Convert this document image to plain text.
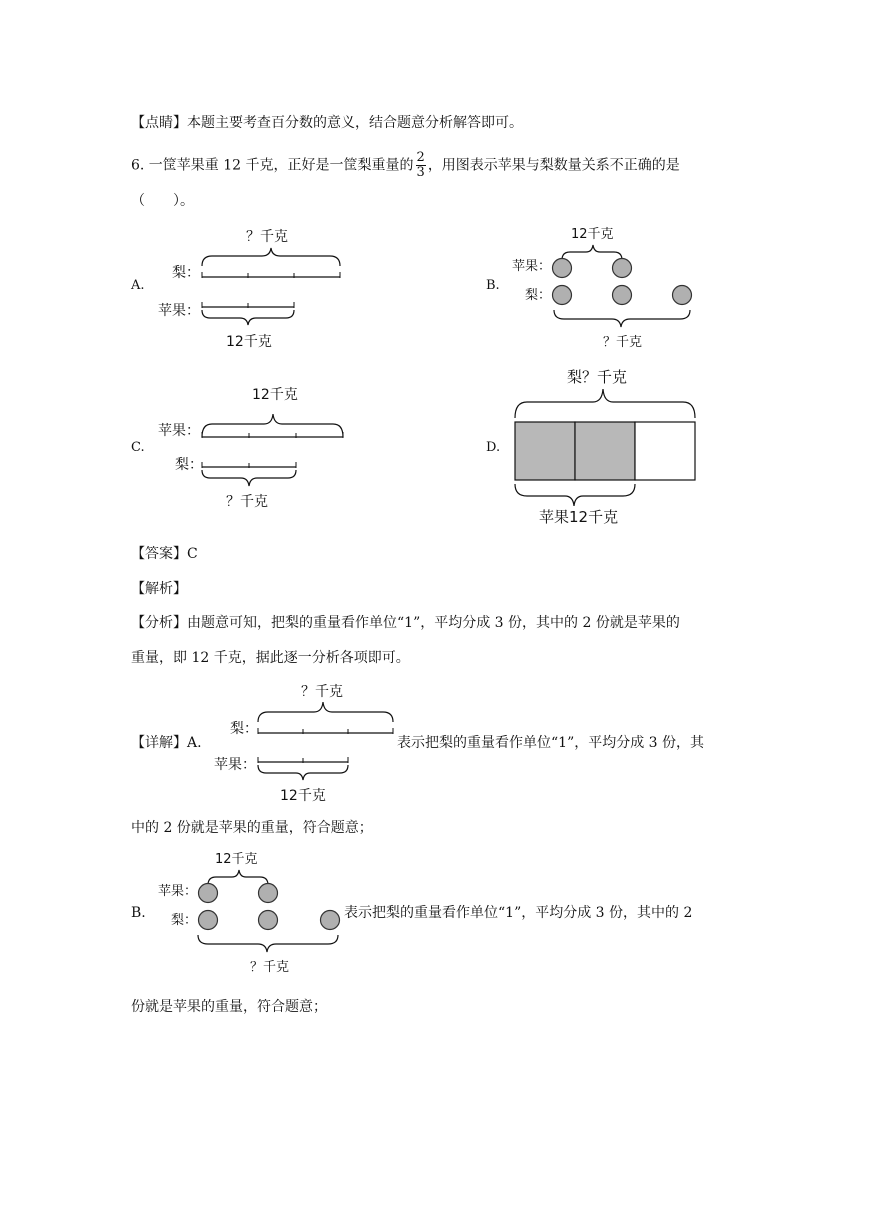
【点睛】本题主要考查百分数的意义，结合题意分析解答即可。
6. 一筐苹果重 12 千克，正好是一筐梨重量的 $\frac{2}{3}$ ，用图表示苹果与梨数量关系不正确的是
（　　）。
A.
？千克
梨：
苹果：
12千克
B.
12千克
苹果：
梨：
？千克
C.
12千克
苹果：
梨：
？千克
D.
梨？千克
苹果12千克
【答案】C
【解析】
【分析】由题意可知，把梨的重量看作单位“1”，平均分成 3 份，其中的 2 份就是苹果的
重量，即 12 千克，据此逐一分析各项即可。
【详解】A.
？千克
梨：
苹果：
12千克
表示把梨的重量看作单位“1”，平均分成 3 份，其
中的 2 份就是苹果的重量，符合题意；
B.
12千克
苹果：
梨：
？千克
表示把梨的重量看作单位“1”，平均分成 3 份，其中的 2
份就是苹果的重量，符合题意；
